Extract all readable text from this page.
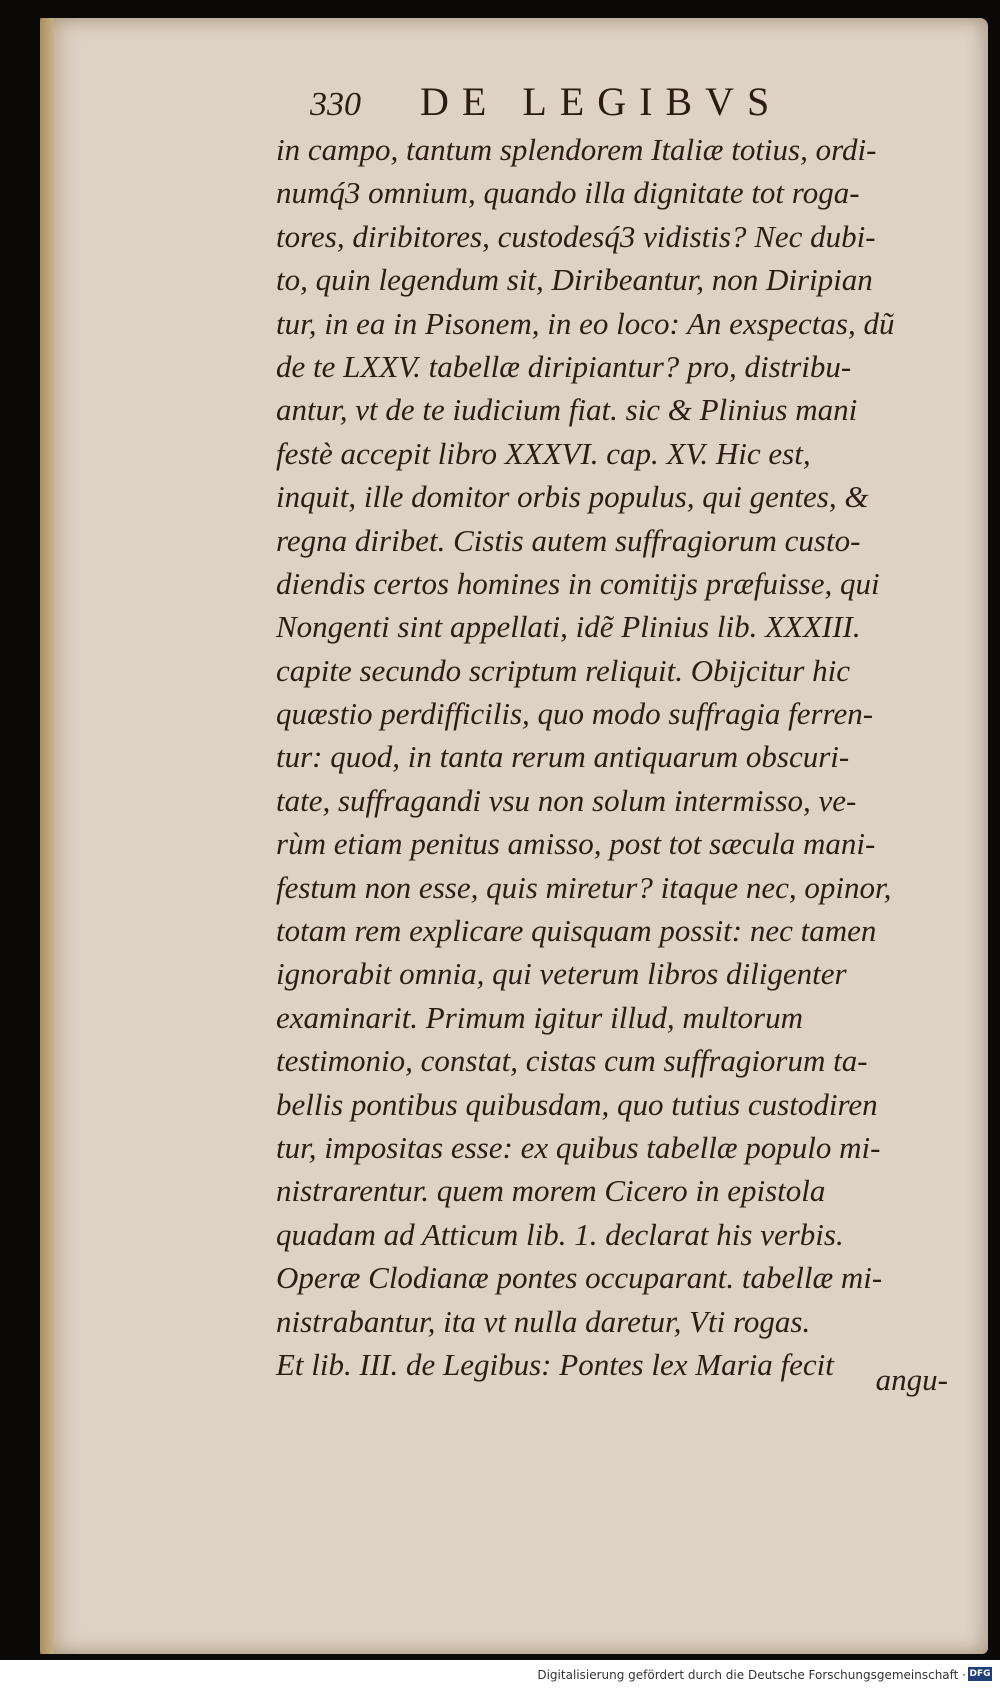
330 DE LEGIBVS
in campo, tantum splendorem Italiæ totius, ordi-
numq́3 omnium, quando illa dignitate tot roga-
tores, diribitores, custodesq́3 vidistis? Nec dubi-
to, quin legendum sit, Diribeantur, non Diripian
tur, in ea in Pisonem, in eo loco: An exspectas, dũ
de te LXXV. tabellæ diripiantur? pro, distribu-
antur, vt de te iudicium fiat. sic & Plinius mani
festè accepit libro XXXVI. cap. XV. Hic est,
inquit, ille domitor orbis populus, qui gentes, &
regna diribet. Cistis autem suffragiorum custo-
diendis certos homines in comitijs præfuisse, qui
Nongenti sint appellati, idẽ Plinius lib. XXXIII.
capite secundo scriptum reliquit. Obijcitur hic
quæstio perdifficilis, quo modo suffragia ferren-
tur: quod, in tanta rerum antiquarum obscuri-
tate, suffragandi vsu non solum intermisso, ve-
rùm etiam penitus amisso, post tot sæcula mani-
festum non esse, quis miretur? itaque nec, opinor,
totam rem explicare quisquam possit: nec tamen
ignorabit omnia, qui veterum libros diligenter
examinarit. Primum igitur illud, multorum
testimonio, constat, cistas cum suffragiorum ta-
bellis pontibus quibusdam, quo tutius custodiren
tur, impositas esse: ex quibus tabellæ populo mi-
nistrarentur. quem morem Cicero in epistola
quadam ad Atticum lib. 1. declarat his verbis.
Operæ Clodianæ pontes occuparant. tabellæ mi-
nistrabantur, ita vt nulla daretur, Vti rogas.
Et lib. III. de Legibus: Pontes lex Maria fecit	angu-
Digitalisierung gefördert durch die Deutsche Forschungsgemeinschaft · DFG
